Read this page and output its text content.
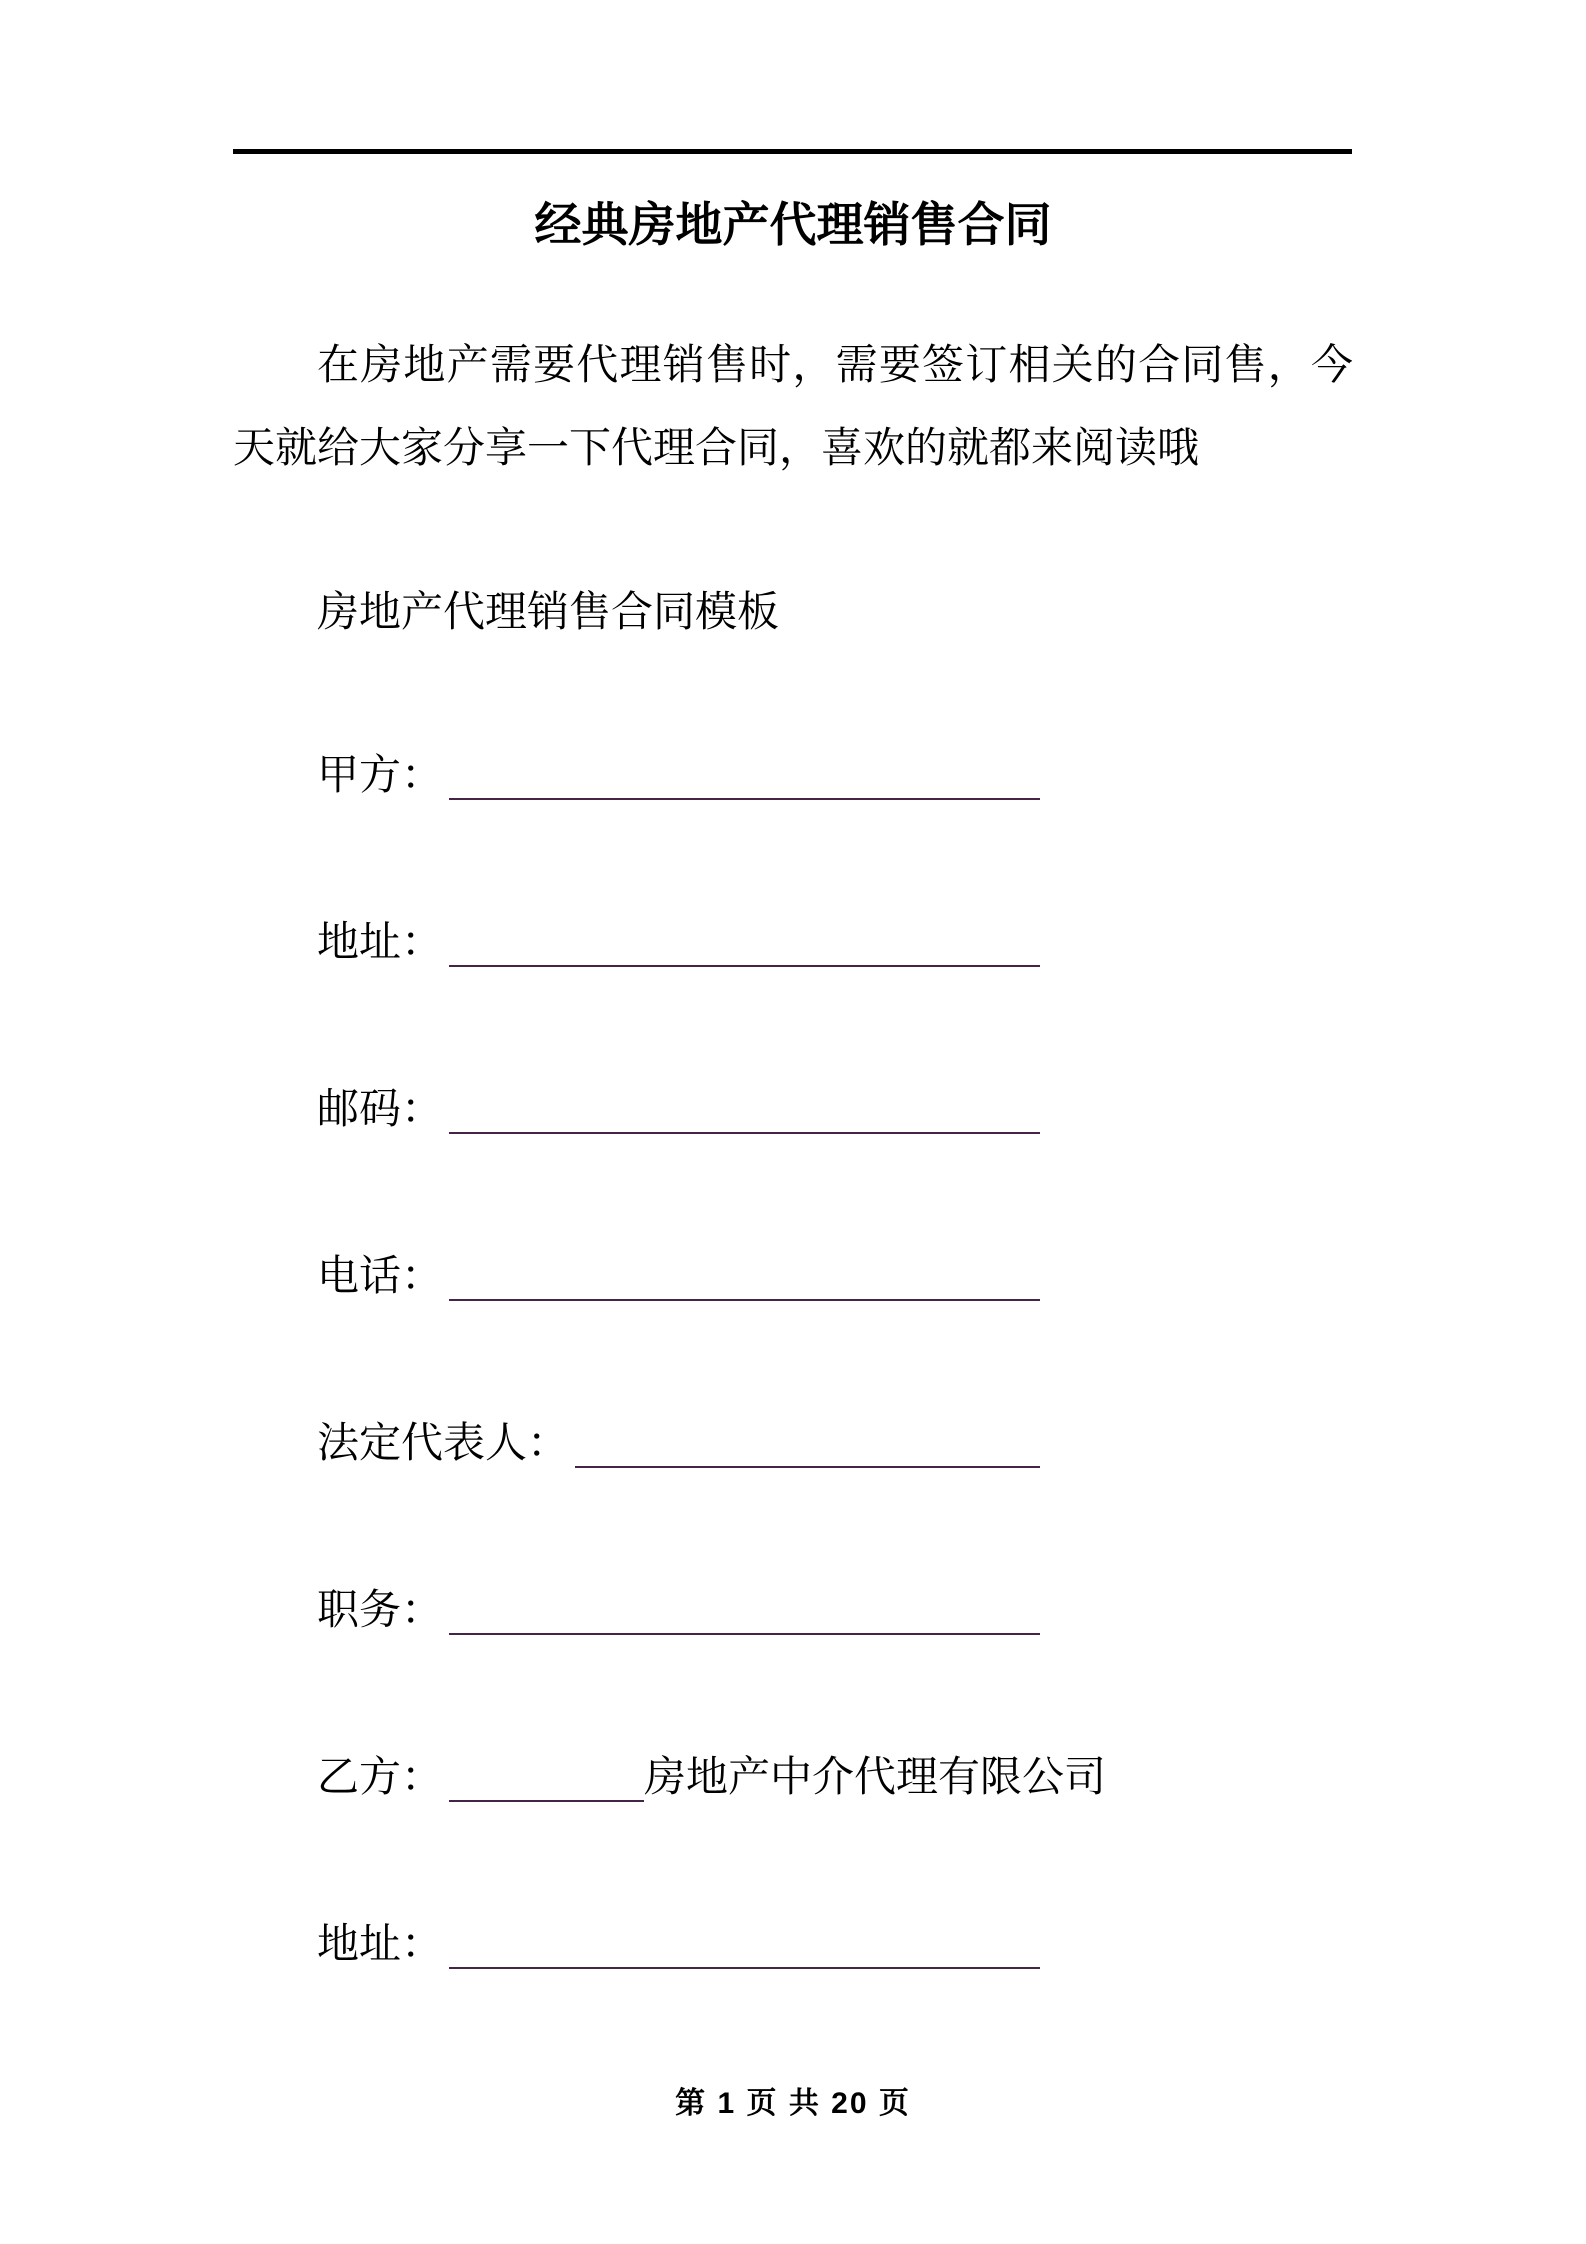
经典房地产代理销售合同

在房地产需要代理销售时，需要签订相关的合同售，今天就给大家分享一下代理合同，喜欢的就都来阅读哦

房地产代理销售合同模板

甲方：
地址：
邮码：
电话：
法定代表人：
职务：
乙方：	房地产中介代理有限公司
地址：

第 1 页 共 20 页
